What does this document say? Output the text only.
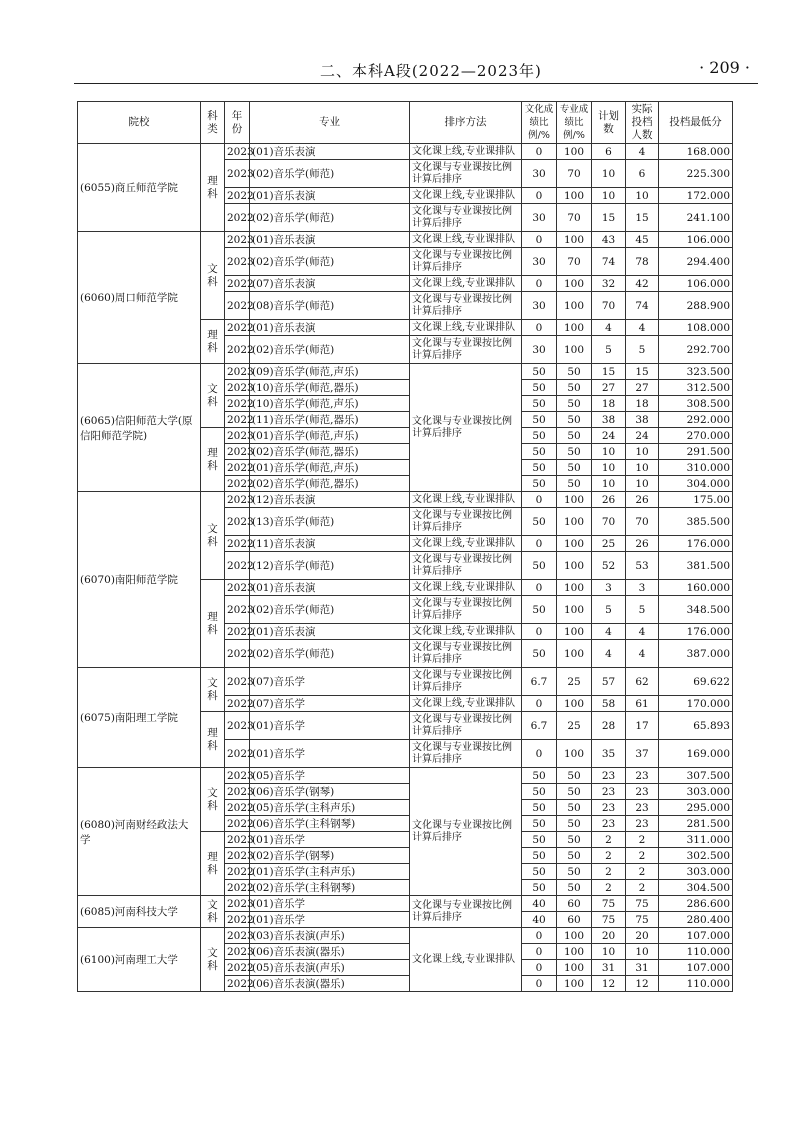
二、本科A段(2022—2023年)	· 209 ·
院校	科类	年份	专业	排序方法	文化成绩比例/%	专业成绩比例/%	计划数	实际投档人数	投档最低分
(6055)商丘师范学院	理科	2023	(01)音乐表演	文化课上线,专业课排队	0	100	6	4	168.000
		2023	(02)音乐学(师范)	文化课与专业课按比例计算后排序	30	70	10	6	225.300
		2022	(01)音乐表演	文化课上线,专业课排队	0	100	10	10	172.000
		2022	(02)音乐学(师范)	文化课与专业课按比例计算后排序	30	70	15	15	241.100
(6060)周口师范学院	文科	2023	(01)音乐表演	文化课上线,专业课排队	0	100	43	45	106.000
		2023	(02)音乐学(师范)	文化课与专业课按比例计算后排序	30	70	74	78	294.400
		2022	(07)音乐表演	文化课上线,专业课排队	0	100	32	42	106.000
		2022	(08)音乐学(师范)	文化课与专业课按比例计算后排序	30	100	70	74	288.900
	理科	2022	(01)音乐表演	文化课上线,专业课排队	0	100	4	4	108.000
		2022	(02)音乐学(师范)	文化课与专业课按比例计算后排序	30	100	5	5	292.700
(6065)信阳师范大学(原信阳师范学院)	文科	2023	(09)音乐学(师范,声乐)	文化课与专业课按比例计算后排序	50	50	15	15	323.500
		2023	(10)音乐学(师范,器乐)		50	50	27	27	312.500
		2022	(10)音乐学(师范,声乐)		50	50	18	18	308.500
		2022	(11)音乐学(师范,器乐)		50	50	38	38	292.000
	理科	2023	(01)音乐学(师范,声乐)		50	50	24	24	270.000
		2023	(02)音乐学(师范,器乐)		50	50	10	10	291.500
		2022	(01)音乐学(师范,声乐)		50	50	10	10	310.000
		2022	(02)音乐学(师范,器乐)		50	50	10	10	304.000
(6070)南阳师范学院	文科	2023	(12)音乐表演	文化课上线,专业课排队	0	100	26	26	175.00
		2023	(13)音乐学(师范)	文化课与专业课按比例计算后排序	50	100	70	70	385.500
		2022	(11)音乐表演	文化课上线,专业课排队	0	100	25	26	176.000
		2022	(12)音乐学(师范)	文化课与专业课按比例计算后排序	50	100	52	53	381.500
	理科	2023	(01)音乐表演	文化课上线,专业课排队	0	100	3	3	160.000
		2023	(02)音乐学(师范)	文化课与专业课按比例计算后排序	50	100	5	5	348.500
		2022	(01)音乐表演	文化课上线,专业课排队	0	100	4	4	176.000
		2022	(02)音乐学(师范)	文化课与专业课按比例计算后排序	50	100	4	4	387.000
(6075)南阳理工学院	文科	2023	(07)音乐学	文化课与专业课按比例计算后排序	6.7	25	57	62	69.622
		2022	(07)音乐学	文化课上线,专业课排队	0	100	58	61	170.000
	理科	2023	(01)音乐学	文化课与专业课按比例计算后排序	6.7	25	28	17	65.893
		2022	(01)音乐学	文化课与专业课按比例计算后排序	0	100	35	37	169.000
(6080)河南财经政法大学	文科	2023	(05)音乐学	文化课与专业课按比例计算后排序	50	50	23	23	307.500
		2023	(06)音乐学(钢琴)		50	50	23	23	303.000
		2022	(05)音乐学(主科声乐)		50	50	23	23	295.000
		2022	(06)音乐学(主科钢琴)		50	50	23	23	281.500
	理科	2023	(01)音乐学		50	50	2	2	311.000
		2023	(02)音乐学(钢琴)		50	50	2	2	302.500
		2022	(01)音乐学(主科声乐)		50	50	2	2	303.000
		2022	(02)音乐学(主科钢琴)		50	50	2	2	304.500
(6085)河南科技大学	文科	2023	(01)音乐学	文化课与专业课按比例计算后排序	40	60	75	75	286.600
		2022	(01)音乐学		40	60	75	75	280.400
(6100)河南理工大学	文科	2023	(03)音乐表演(声乐)	文化课上线,专业课排队	0	100	20	20	107.000
		2023	(06)音乐表演(器乐)		0	100	10	10	110.000
		2022	(05)音乐表演(声乐)		0	100	31	31	107.000
		2022	(06)音乐表演(器乐)		0	100	12	12	110.000
